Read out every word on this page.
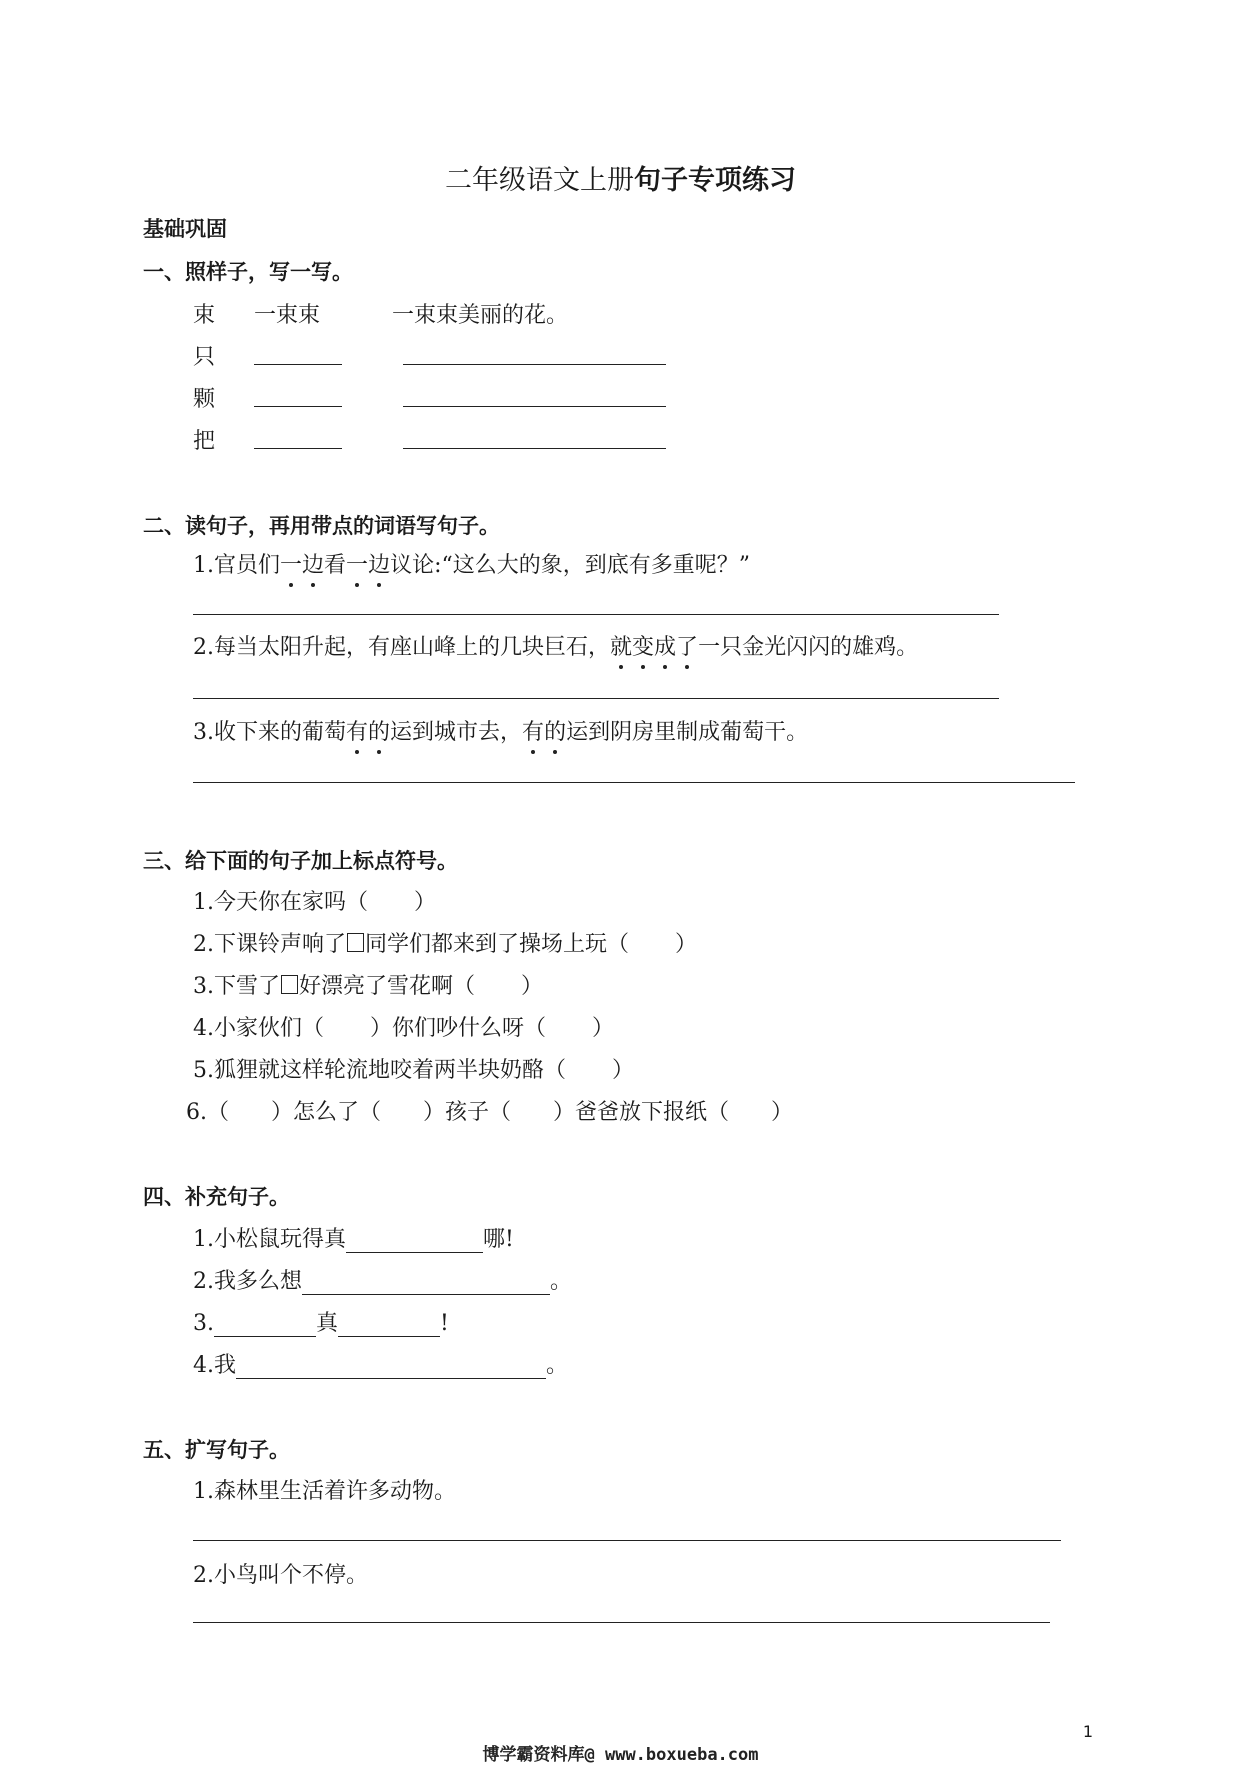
二年级语文上册句子专项练习
基础巩固
一、照样子，写一写。
束 一束束	一束束美丽的花。
只
颗
把
二、读句子，再用带点的词语写句子。
1.官员们一边看一边议论:“这么大的象，到底有多重呢？”
2.每当太阳升起，有座山峰上的几块巨石，就变成了一只金光闪闪的雄鸡。
3.收下来的葡萄有的运到城市去，有的运到阴房里制成葡萄干。
三、给下面的句子加上标点符号。
1.今天你在家吗（ ）
2.下课铃声响了 同学们都来到了操场上玩（ ）
3.下雪了 好漂亮了雪花啊（ ）
4.小家伙们（ ）你们吵什么呀（ ）
5.狐狸就这样轮流地咬着两半块奶酪（ ）
6.（ ）怎么了（ ）孩子（ ）爸爸放下报纸（ ）
四、补充句子。
1.小松鼠玩得真	哪!
2.我多么想	。
3.	真	!
4.我	。
五、扩写句子。
1.森林里生活着许多动物。
2.小鸟叫个不停。
1
博学霸资料库@ www.boxueba.com
